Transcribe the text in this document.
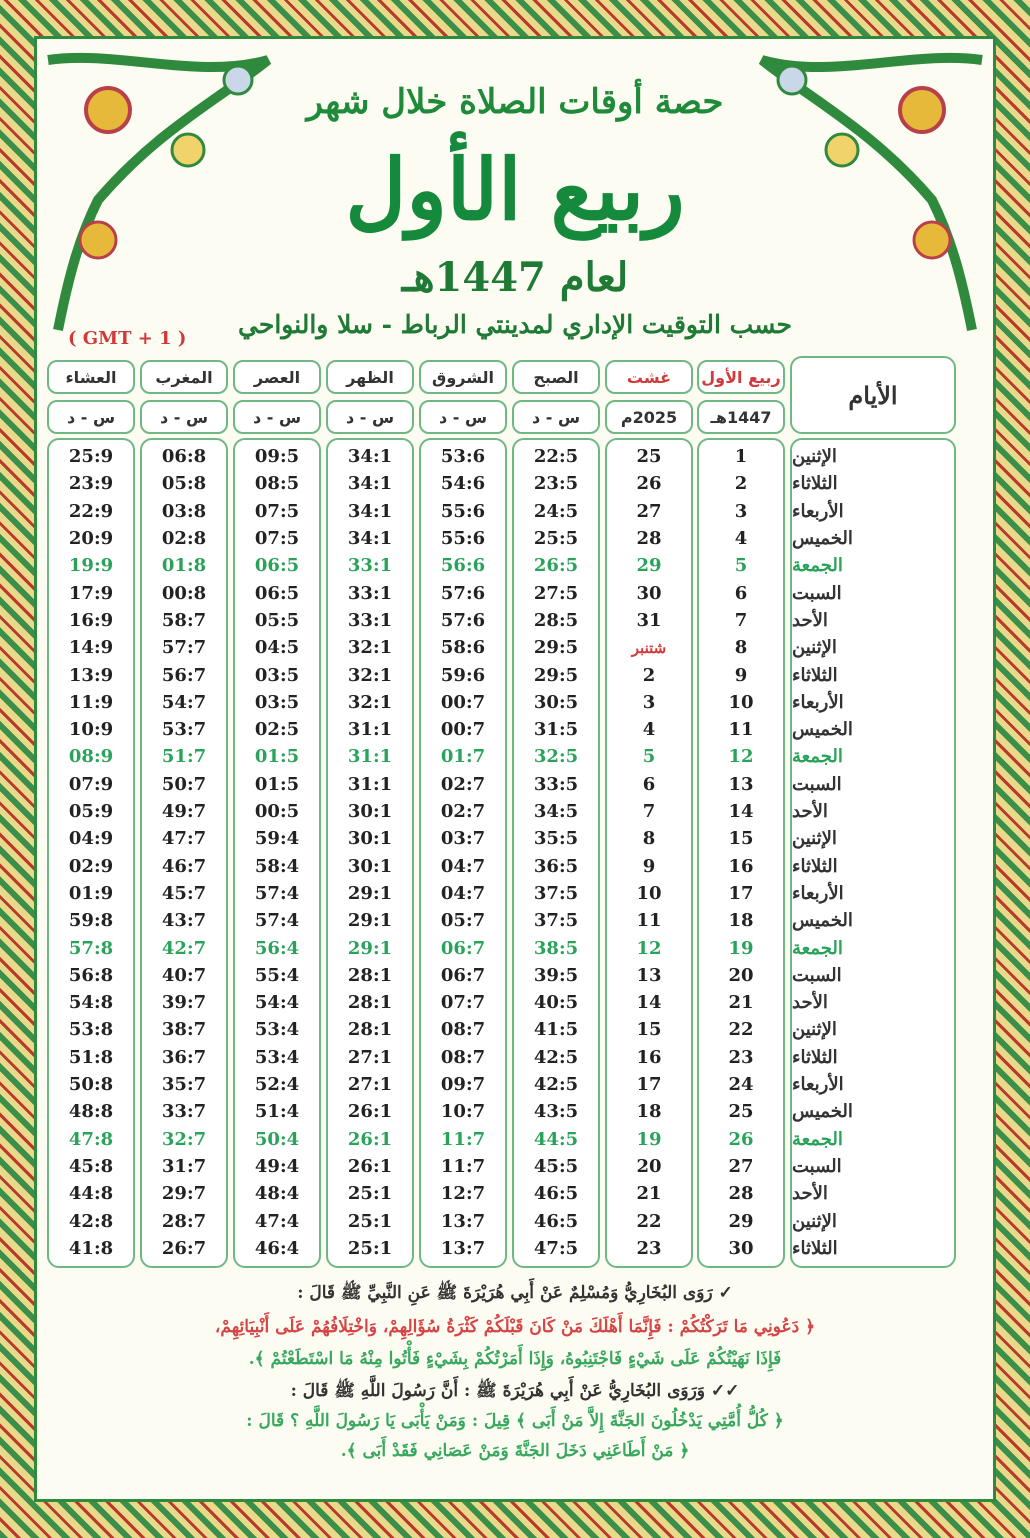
حصة أوقات الصلاة خلال شهر
ربيع الأول
لعام 1447هـ
حسب التوقيت الإداري لمدينتي الرباط - سلا والنواحي
( GMT + 1 )
الأيام
ربيع الأول
1447هـ
غشت
2025م
الصبح
س - د
الشروق
س - د
الظهر
س - د
العصر
س - د
المغرب
س - د
العشاء
س - د
الإثنين
الثلاثاء
الأربعاء
الخميس
الجمعة
السبت
الأحد
الإثنين
الثلاثاء
الأربعاء
الخميس
الجمعة
السبت
الأحد
الإثنين
الثلاثاء
الأربعاء
الخميس
الجمعة
السبت
الأحد
الإثنين
الثلاثاء
الأربعاء
الخميس
الجمعة
السبت
الأحد
الإثنين
الثلاثاء
1
2
3
4
5
6
7
8
9
10
11
12
13
14
15
16
17
18
19
20
21
22
23
24
25
26
27
28
29
30
25
26
27
28
29
30
31
شتنبر
2
3
4
5
6
7
8
9
10
11
12
13
14
15
16
17
18
19
20
21
22
23
22:5
23:5
24:5
25:5
26:5
27:5
28:5
29:5
29:5
30:5
31:5
32:5
33:5
34:5
35:5
36:5
37:5
37:5
38:5
39:5
40:5
41:5
42:5
42:5
43:5
44:5
45:5
46:5
46:5
47:5
53:6
54:6
55:6
55:6
56:6
57:6
57:6
58:6
59:6
00:7
00:7
01:7
02:7
02:7
03:7
04:7
04:7
05:7
06:7
06:7
07:7
08:7
08:7
09:7
10:7
11:7
11:7
12:7
13:7
13:7
34:1
34:1
34:1
34:1
33:1
33:1
33:1
32:1
32:1
32:1
31:1
31:1
31:1
30:1
30:1
30:1
29:1
29:1
29:1
28:1
28:1
28:1
27:1
27:1
26:1
26:1
26:1
25:1
25:1
25:1
09:5
08:5
07:5
07:5
06:5
06:5
05:5
04:5
03:5
03:5
02:5
01:5
01:5
00:5
59:4
58:4
57:4
57:4
56:4
55:4
54:4
53:4
53:4
52:4
51:4
50:4
49:4
48:4
47:4
46:4
06:8
05:8
03:8
02:8
01:8
00:8
58:7
57:7
56:7
54:7
53:7
51:7
50:7
49:7
47:7
46:7
45:7
43:7
42:7
40:7
39:7
38:7
36:7
35:7
33:7
32:7
31:7
29:7
28:7
26:7
25:9
23:9
22:9
20:9
19:9
17:9
16:9
14:9
13:9
11:9
10:9
08:9
07:9
05:9
04:9
02:9
01:9
59:8
57:8
56:8
54:8
53:8
51:8
50:8
48:8
47:8
45:8
44:8
42:8
41:8
✓ رَوَى البُخَارِيُّ وَمُسْلِمٌ عَنْ أَبِي هُرَيْرَةَ ﷺ عَنِ النَّبِيِّ ﷺ قَالَ :
﴿ دَعُونِي مَا تَرَكْتُكُمْ : فَإِنَّمَا أَهْلَكَ مَنْ كَانَ قَبْلَكُمْ كَثْرَةُ سُؤَالِهِمْ، وَاخْتِلَافُهُمْ عَلَى أَنْبِيَائِهِمْ،
فَإِذَا نَهَيْتُكُمْ عَلَى شَيْءٍ فَاجْتَنِبُوهُ، وَإِذَا أَمَرْتُكُمْ بِشَيْءٍ فَأْتُوا مِنْهُ مَا اسْتَطَعْتُمْ ﴾.
✓✓ وَرَوَى البُخَارِيُّ عَنْ أَبِي هُرَيْرَةَ ﷺ : أَنَّ رَسُولَ اللَّهِ ﷺ قَالَ :
﴿ كُلُّ أُمَّتِي يَدْخُلُونَ الجَنَّةَ إِلاَّ مَنْ أَبَى ﴾ قِيلَ : وَمَنْ يَأْبَى يَا رَسُولَ اللَّهِ ؟ قَالَ :
﴿ مَنْ أَطَاعَنِي دَخَلَ الجَنَّةَ وَمَنْ عَصَانِي فَقَدْ أَبَى ﴾.
